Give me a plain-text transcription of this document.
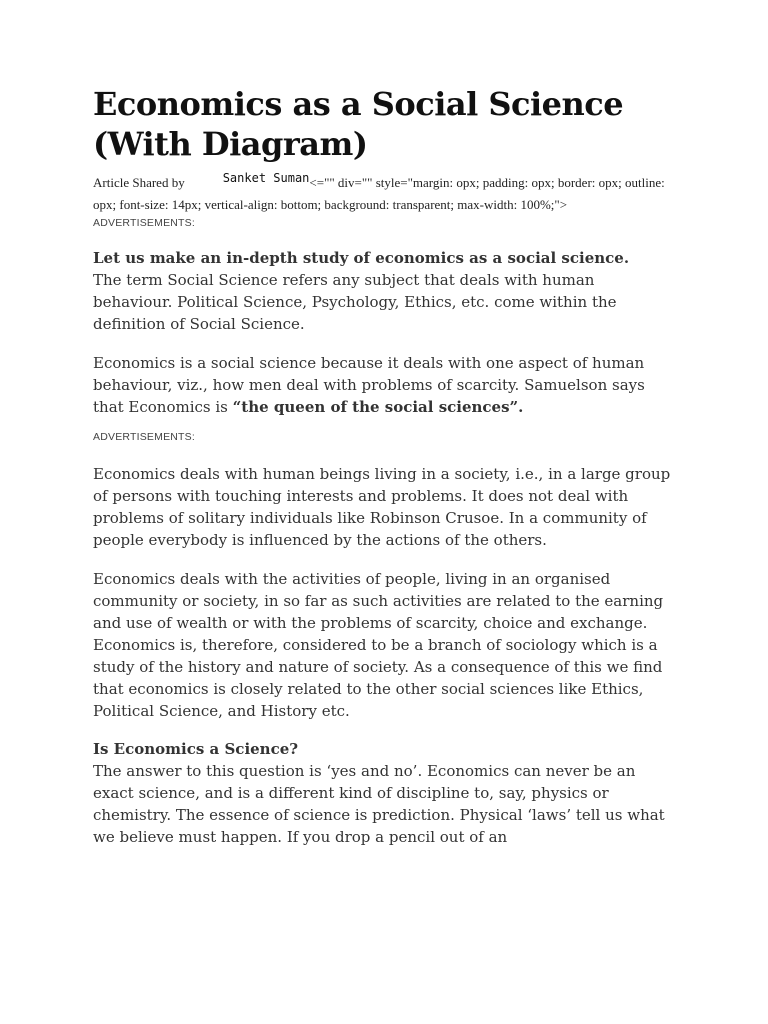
Economics as a Social Science (With Diagram)
Article Shared by	Sanket Suman<="" div="" style="margin: opx; padding: opx; border: opx; outline: opx; font-size: 14px; vertical-align: bottom; background: transparent; max-width: 100%;">
ADVERTISEMENTS:
Let us make an in-depth study of economics as a social science.

The term Social Science refers any subject that deals with human behaviour. Political Science, Psychology, Ethics, etc. come within the definition of Social Science.

Economics is a social science because it deals with one aspect of human behaviour, viz., how men deal with problems of scarcity. Samuelson says that Economics is “the queen of the social sciences”.

ADVERTISEMENTS:

Economics deals with human beings living in a society, i.e., in a large group of persons with touching interests and problems. It does not deal with problems of solitary individuals like Robinson Crusoe. In a community of people everybody is influenced by the actions of the others.

Economics deals with the activities of people, living in an organised community or society, in so far as such activities are related to the earning and use of wealth or with the problems of scarcity, choice and exchange. Economics is, therefore, considered to be a branch of sociology which is a study of the history and nature of society. As a consequence of this we find that economics is closely related to the other social sciences like Ethics, Political Science, and History etc.

Is Economics a Science?

The answer to this question is ‘yes and no’. Economics can never be an exact science, and is a different kind of discipline to, say, physics or chemistry. The essence of science is prediction. Physical ‘laws’ tell us what we believe must happen. If you drop a pencil out of an
